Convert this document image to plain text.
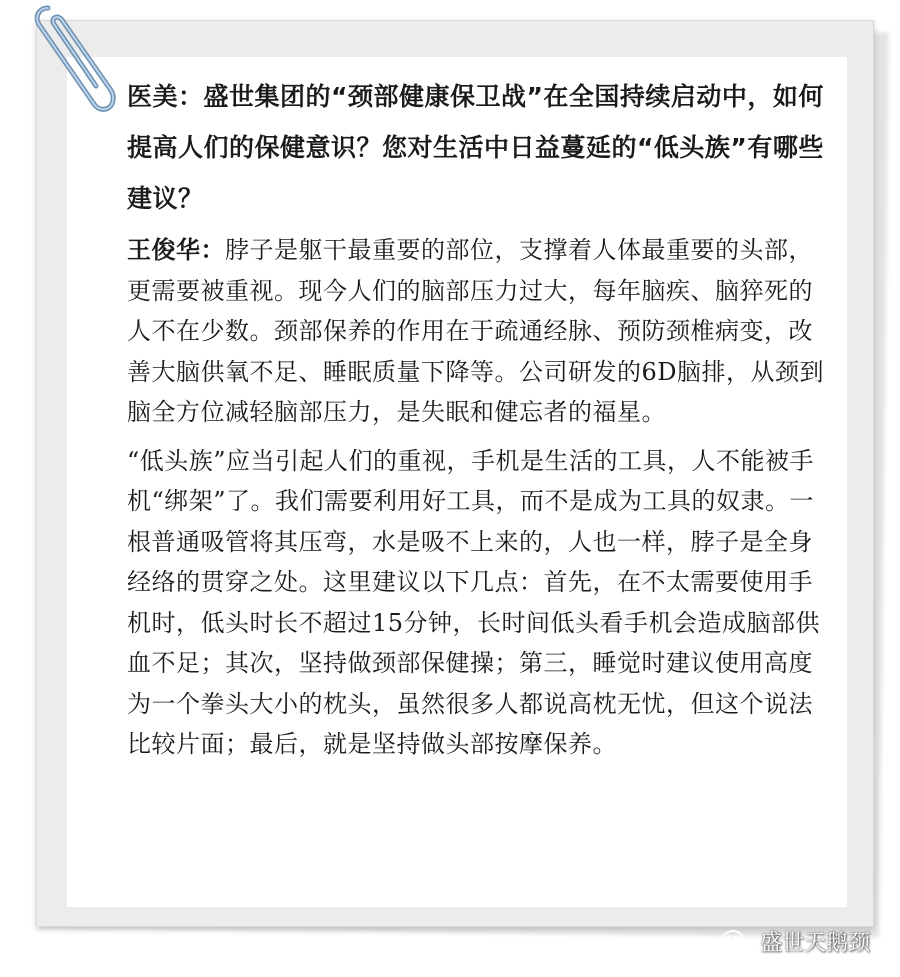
医美：盛世集团的“颈部健康保卫战”在全国持续启动中，如何提高人们的保健意识？您对生活中日益蔓延的“低头族”有哪些建议？

王俊华：脖子是躯干最重要的部位，支撑着人体最重要的头部，更需要被重视。现今人们的脑部压力过大，每年脑疾、脑猝死的人不在少数。颈部保养的作用在于疏通经脉、预防颈椎病变，改善大脑供氧不足、睡眠质量下降等。公司研发的6D脑排，从颈到脑全方位减轻脑部压力，是失眠和健忘者的福星。

“低头族”应当引起人们的重视，手机是生活的工具，人不能被手机“绑架”了。我们需要利用好工具，而不是成为工具的奴隶。一根普通吸管将其压弯，水是吸不上来的，人也一样，脖子是全身经络的贯穿之处。这里建议以下几点：首先，在不太需要使用手机时，低头时长不超过15分钟，长时间低头看手机会造成脑部供血不足；其次，坚持做颈部保健操；第三，睡觉时建议使用高度为一个拳头大小的枕头，虽然很多人都说高枕无忧，但这个说法比较片面；最后，就是坚持做头部按摩保养。

盛世天鹅颈
